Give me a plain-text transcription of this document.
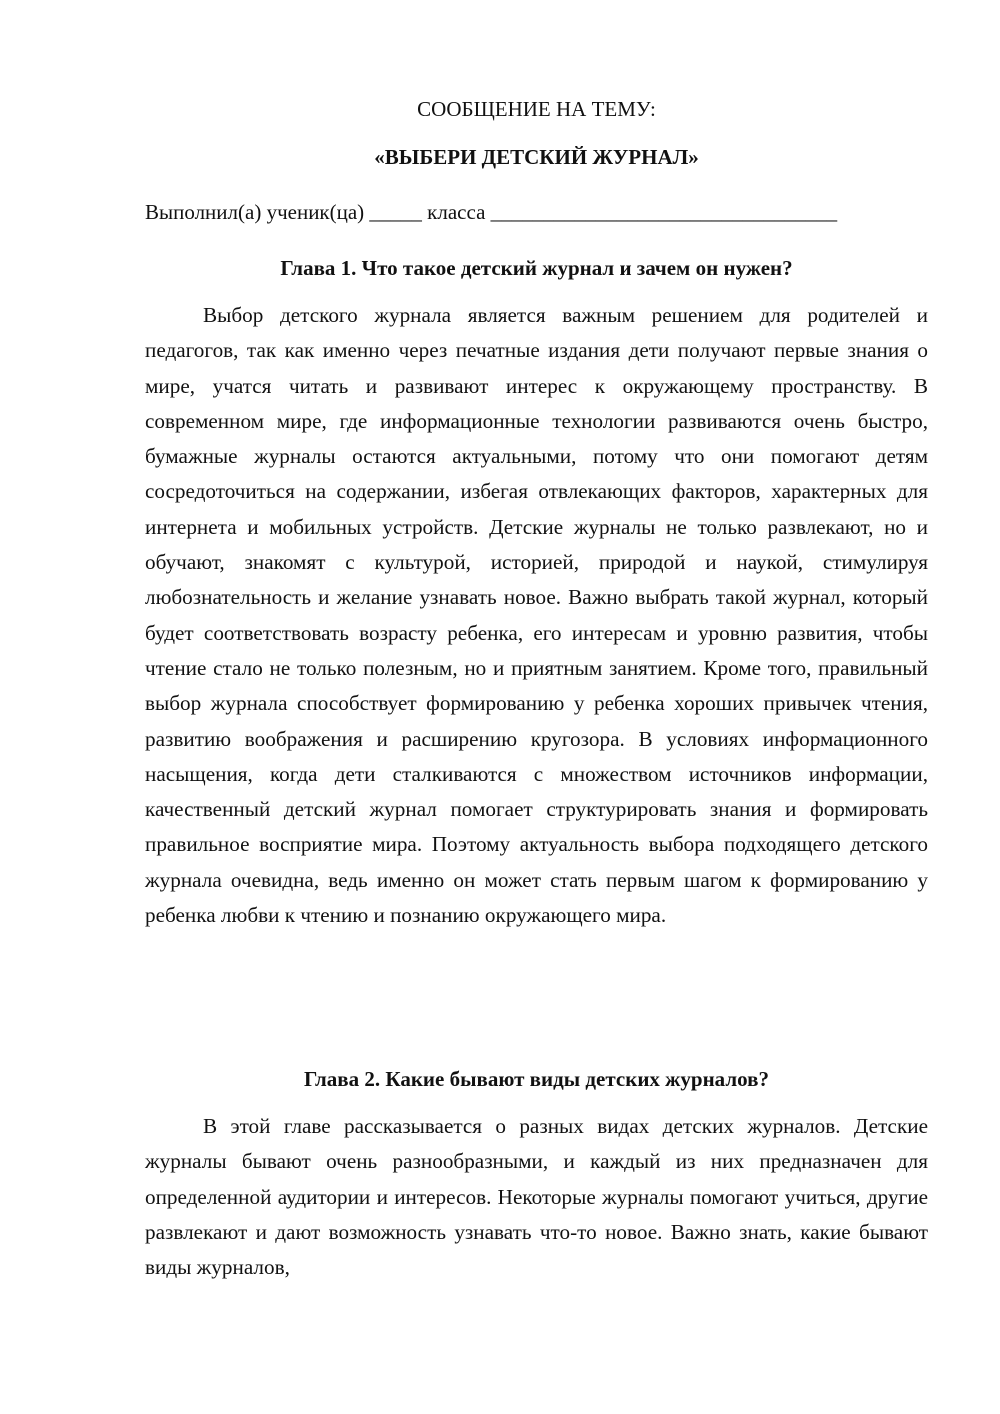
СООБЩЕНИЕ НА ТЕМУ:
«ВЫБЕРИ ДЕТСКИЙ ЖУРНАЛ»
Выполнил(а) ученик(ца) _____ класса _________________________________
Глава 1. Что такое детский журнал и зачем он нужен?

Выбор детского журнала является важным решением для родителей и педагогов, так как именно через печатные издания дети получают первые знания о мире, учатся читать и развивают интерес к окружающему пространству. В современном мире, где информационные технологии развиваются очень быстро, бумажные журналы остаются актуальными, потому что они помогают детям сосредоточиться на содержании, избегая отвлекающих факторов, характерных для интернета и мобильных устройств. Детские журналы не только развлекают, но и обучают, знакомят с культурой, историей, природой и наукой, стимулируя любознательность и желание узнавать новое. Важно выбрать такой журнал, который будет соответствовать возрасту ребенка, его интересам и уровню развития, чтобы чтение стало не только полезным, но и приятным занятием. Кроме того, правильный выбор журнала способствует формированию у ребенка хороших привычек чтения, развитию воображения и расширению кругозора. В условиях информационного насыщения, когда дети сталкиваются с множеством источников информации, качественный детский журнал помогает структурировать знания и формировать правильное восприятие мира. Поэтому актуальность выбора подходящего детского журнала очевидна, ведь именно он может стать первым шагом к формированию у ребенка любви к чтению и познанию окружающего мира.

Глава 2. Какие бывают виды детских журналов?

В этой главе рассказывается о разных видах детских журналов. Детские журналы бывают очень разнообразными, и каждый из них предназначен для определенной аудитории и интересов. Некоторые журналы помогают учиться, другие развлекают и дают возможность узнавать что-то новое. Важно знать, какие бывают виды журналов,
